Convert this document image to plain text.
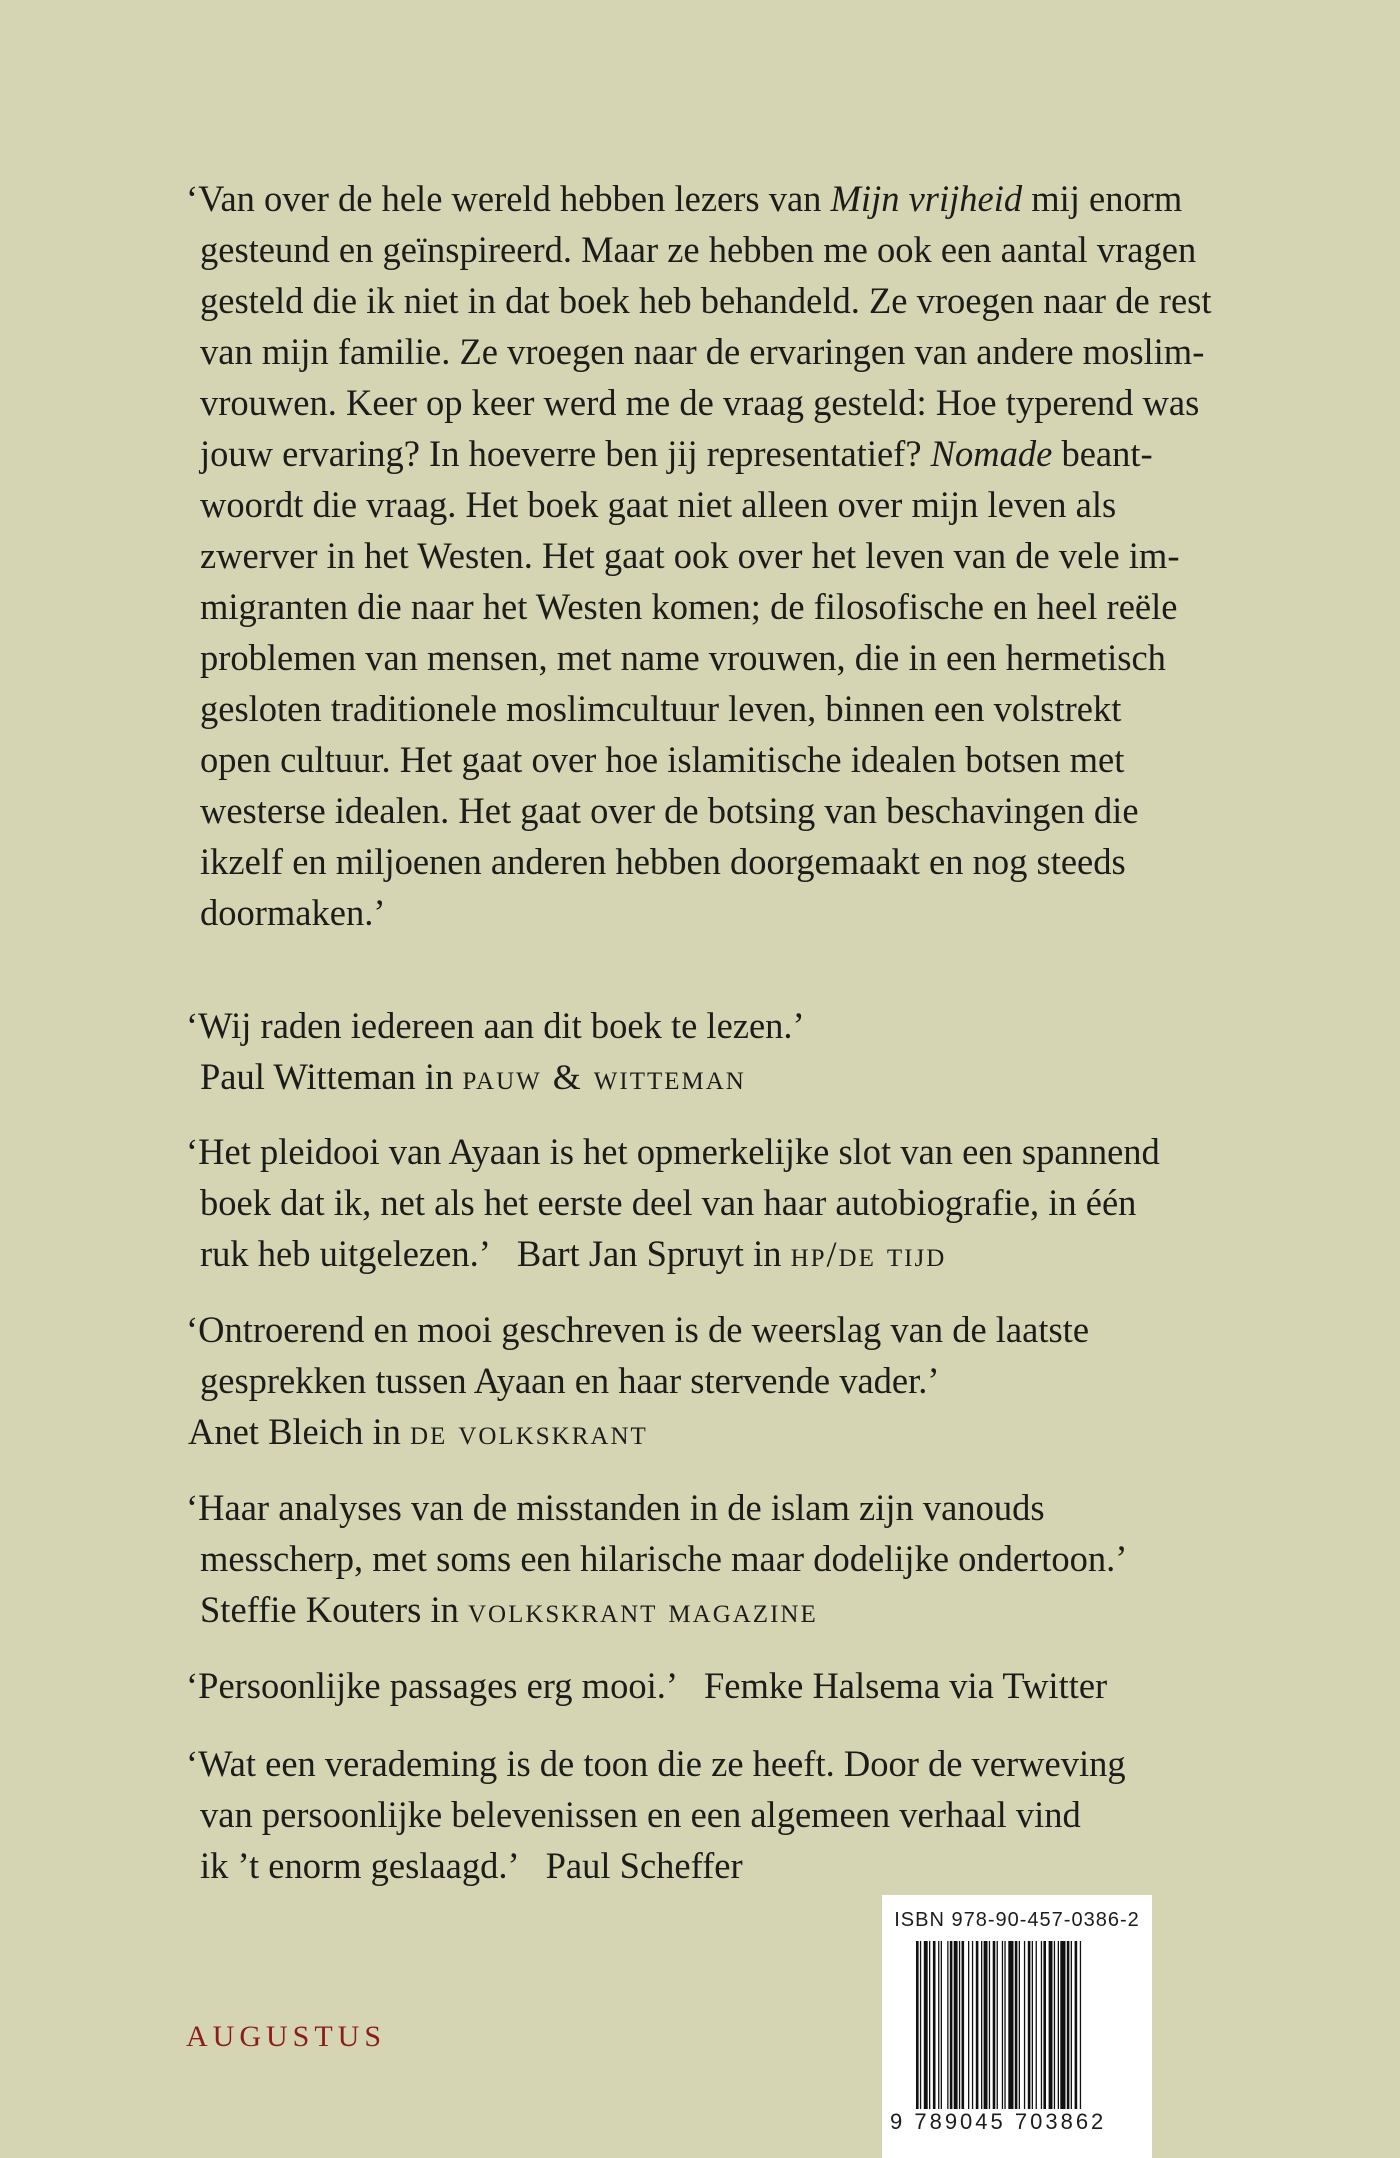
‘Van over de hele wereld hebben lezers van Mijn vrijheid mij enorm
gesteund en geïnspireerd. Maar ze hebben me ook een aantal vragen
gesteld die ik niet in dat boek heb behandeld. Ze vroegen naar de rest
van mijn familie. Ze vroegen naar de ervaringen van andere moslim-
vrouwen. Keer op keer werd me de vraag gesteld: Hoe typerend was
jouw ervaring? In hoeverre ben jij representatief? Nomade beant-
woordt die vraag. Het boek gaat niet alleen over mijn leven als
zwerver in het Westen. Het gaat ook over het leven van de vele im-
migranten die naar het Westen komen; de filosofische en heel reële
problemen van mensen, met name vrouwen, die in een hermetisch
gesloten traditionele moslimcultuur leven, binnen een volstrekt
open cultuur. Het gaat over hoe islamitische idealen botsen met
westerse idealen. Het gaat over de botsing van beschavingen die
ikzelf en miljoenen anderen hebben doorgemaakt en nog steeds
doormaken.’
‘Wij raden iedereen aan dit boek te lezen.’
Paul Witteman in pauw & witteman
‘Het pleidooi van Ayaan is het opmerkelijke slot van een spannend
boek dat ik, net als het eerste deel van haar autobiografie, in één
ruk heb uitgelezen.’ Bart Jan Spruyt in hp/de tijd
‘Ontroerend en mooi geschreven is de weerslag van de laatste
gesprekken tussen Ayaan en haar stervende vader.’
Anet Bleich in de volkskrant
‘Haar analyses van de misstanden in de islam zijn vanouds
messcherp, met soms een hilarische maar dodelijke ondertoon.’
Steffie Kouters in volkskrant magazine
‘Persoonlijke passages erg mooi.’ Femke Halsema via Twitter
‘Wat een verademing is de toon die ze heeft. Door de verweving
van persoonlijke belevenissen en een algemeen verhaal vind
ik ’t enorm geslaagd.’ Paul Scheffer
AUGUSTUS
ISBN 978-90-457-0386-2
9 789045 703862
